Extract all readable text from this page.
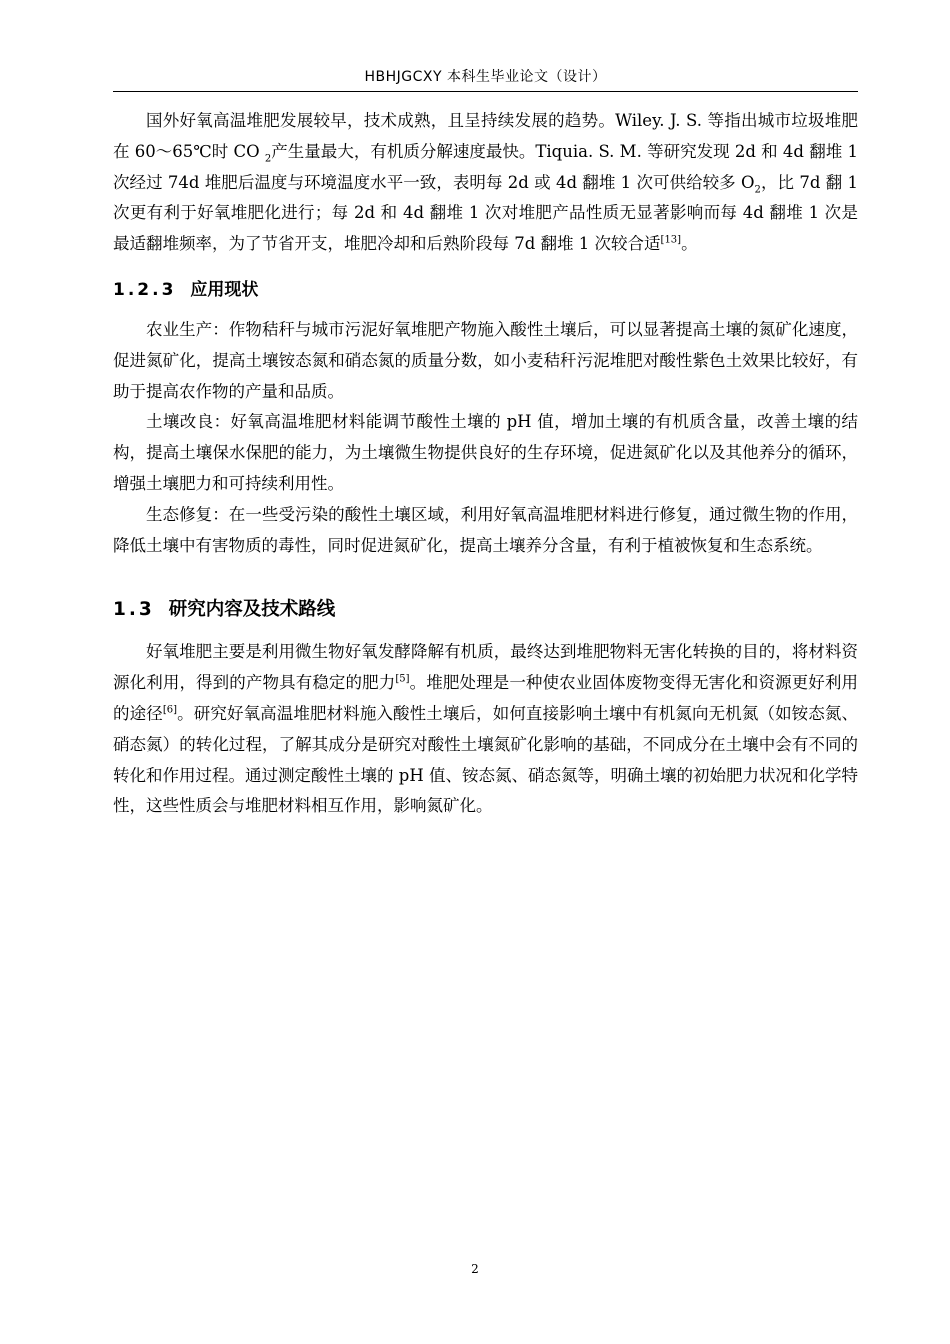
HBHJGCXY 本科生毕业论文（设计）

国外好氧高温堆肥发展较早，技术成熟，且呈持续发展的趋势。Wiley. J. S. 等指出城市垃圾堆肥在 60～65℃时 CO $_2$产生量最大，有机质分解速度最快。Tiquia. S. M. 等研究发现 2d 和 4d 翻堆 1 次经过 74d 堆肥后温度与环境温度水平一致，表明每 2d 或 4d 翻堆 1 次可供给较多 $O_2$，比 7d 翻 1 次更有利于好氧堆肥化进行；每 2d 和 4d 翻堆 1 次对堆肥产品性质无显著影响而每 4d 翻堆 1 次是最适翻堆频率，为了节省开支，堆肥冷却和后熟阶段每 7d 翻堆 1 次较合适[13]。

1.2.3 应用现状

农业生产：作物秸秆与城市污泥好氧堆肥产物施入酸性土壤后，可以显著提高土壤的氮矿化速度，促进氮矿化，提高土壤铵态氮和硝态氮的质量分数，如小麦秸秆污泥堆肥对酸性紫色土效果比较好，有助于提高农作物的产量和品质。

土壤改良：好氧高温堆肥材料能调节酸性土壤的 pH 值，增加土壤的有机质含量，改善土壤的结构，提高土壤保水保肥的能力，为土壤微生物提供良好的生存环境，促进氮矿化以及其他养分的循环，增强土壤肥力和可持续利用性。

生态修复：在一些受污染的酸性土壤区域，利用好氧高温堆肥材料进行修复，通过微生物的作用，降低土壤中有害物质的毒性，同时促进氮矿化，提高土壤养分含量，有利于植被恢复和生态系统。

1.3 研究内容及技术路线

好氧堆肥主要是利用微生物好氧发酵降解有机质，最终达到堆肥物料无害化转换的目的，将材料资源化利用，得到的产物具有稳定的肥力[5]。堆肥处理是一种使农业固体废物变得无害化和资源更好利用的途径[6]。研究好氧高温堆肥材料施入酸性土壤后，如何直接影响土壤中有机氮向无机氮（如铵态氮、硝态氮）的转化过程，了解其成分是研究对酸性土壤氮矿化影响的基础，不同成分在土壤中会有不同的转化和作用过程。通过测定酸性土壤的 pH 值、铵态氮、硝态氮等，明确土壤的初始肥力状况和化学特性，这些性质会与堆肥材料相互作用，影响氮矿化。

2
